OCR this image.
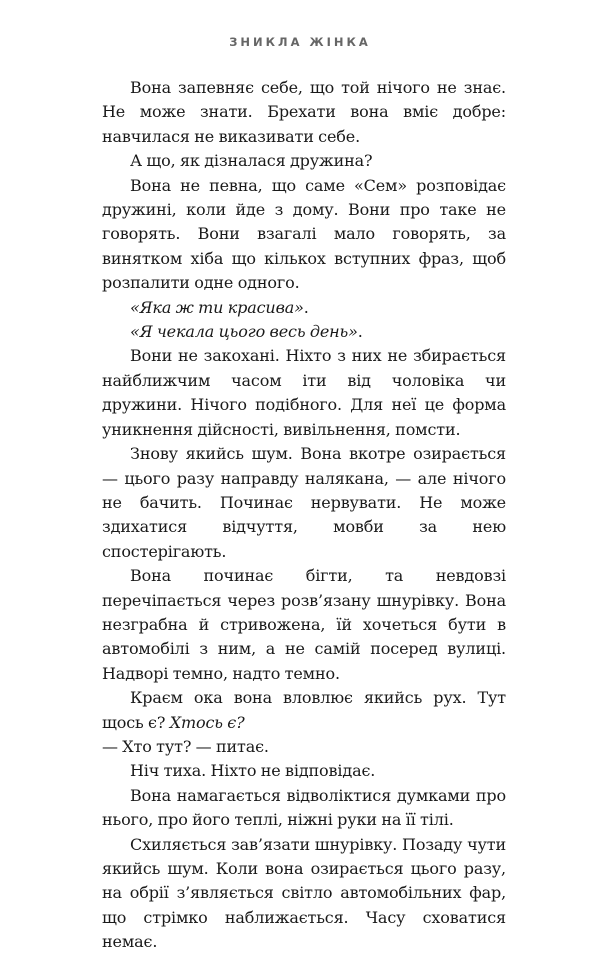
ЗНИКЛА ЖІНКА

Вона запевняє себе, що той нічого не знає. Не може знати. Брехати вона вміє добре: навчилася не виказивати себе.

А що, як дізналася дружина?

Вона не певна, що саме «Сем» розповідає дружині, коли йде з дому. Вони про таке не говорять. Вони взагалі мало говорять, за винятком хіба що кількох вступних фраз, щоб розпалити одне одного.

«Яка ж ти красива».

«Я чекала цього весь день».

Вони не закохані. Ніхто з них не збирається найближчим часом іти від чоловіка чи дружини. Нічого подібного. Для неї це форма уникнення дійсності, вивільнення, помсти.

Знову якийсь шум. Вона вкотре озирається — цього разу направду налякана, — але нічого не бачить. Починає нервувати. Не може здихатися відчуття, мовби за нею спостерігають.

Вона починає бігти, та невдовзі перечіпається через розв’язану шнурівку. Вона незграбна й стривожена, їй хочеться бути в автомобілі з ним, а не самій посеред вулиці. Надворі темно, надто темно.

Краєм ока вона вловлює якийсь рух. Тут щось є? Хтось є?

— Хто тут? — питає.

Ніч тиха. Ніхто не відповідає.

Вона намагається відволіктися думками про нього, про його теплі, ніжні руки на її тілі.

Схиляється зав’язати шнурівку. Позаду чути якийсь шум. Коли вона озирається цього разу, на обрії з’являється світло автомобільних фар, що стрімко наближається. Часу сховатися немає.
